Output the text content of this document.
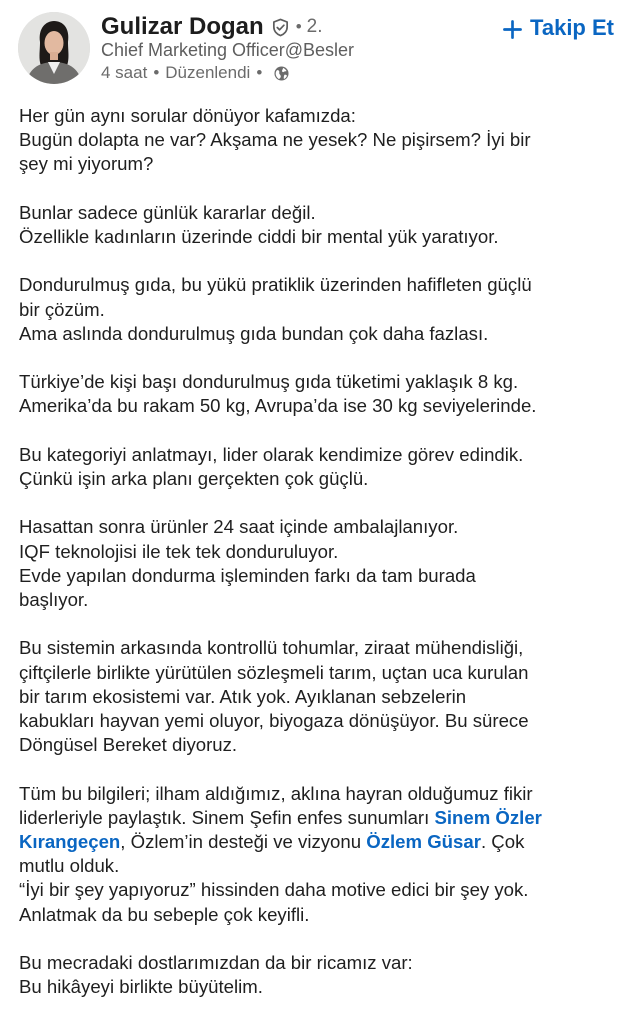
Gulizar Dogan • 2.
Chief Marketing Officer@Besler
4 saat • Düzenlendi •
Takip Et

Her gün aynı sorular dönüyor kafamızda:
Bugün dolapta ne var? Akşama ne yesek? Ne pişirsem? İyi bir
şey mi yiyorum?

Bunlar sadece günlük kararlar değil.
Özellikle kadınların üzerinde ciddi bir mental yük yaratıyor.

Dondurulmuş gıda, bu yükü pratiklik üzerinden hafifleten güçlü
bir çözüm.
Ama aslında dondurulmuş gıda bundan çok daha fazlası.

Türkiye’de kişi başı dondurulmuş gıda tüketimi yaklaşık 8 kg.
Amerika’da bu rakam 50 kg, Avrupa’da ise 30 kg seviyelerinde.

Bu kategoriyi anlatmayı, lider olarak kendimize görev edindik.
Çünkü işin arka planı gerçekten çok güçlü.

Hasattan sonra ürünler 24 saat içinde ambalajlanıyor.
IQF teknolojisi ile tek tek donduruluyor.
Evde yapılan dondurma işleminden farkı da tam burada
başlıyor.

Bu sistemin arkasında kontrollü tohumlar, ziraat mühendisliği,
çiftçilerle birlikte yürütülen sözleşmeli tarım, uçtan uca kurulan
bir tarım ekosistemi var. Atık yok. Ayıklanan sebzelerin
kabukları hayvan yemi oluyor, biyogaza dönüşüyor. Bu sürece
Döngüsel Bereket diyoruz.

Tüm bu bilgileri; ilham aldığımız, aklına hayran olduğumuz fikir
liderleriyle paylaştık. Sinem Şefin enfes sunumları Sinem Özler
Kırangeçen, Özlem’in desteği ve vizyonu Özlem Güsar. Çok
mutlu olduk.
“İyi bir şey yapıyoruz” hissinden daha motive edici bir şey yok.
Anlatmak da bu sebeple çok keyifli.

Bu mecradaki dostlarımızdan da bir ricamız var:
Bu hikâyeyi birlikte büyütelim.
